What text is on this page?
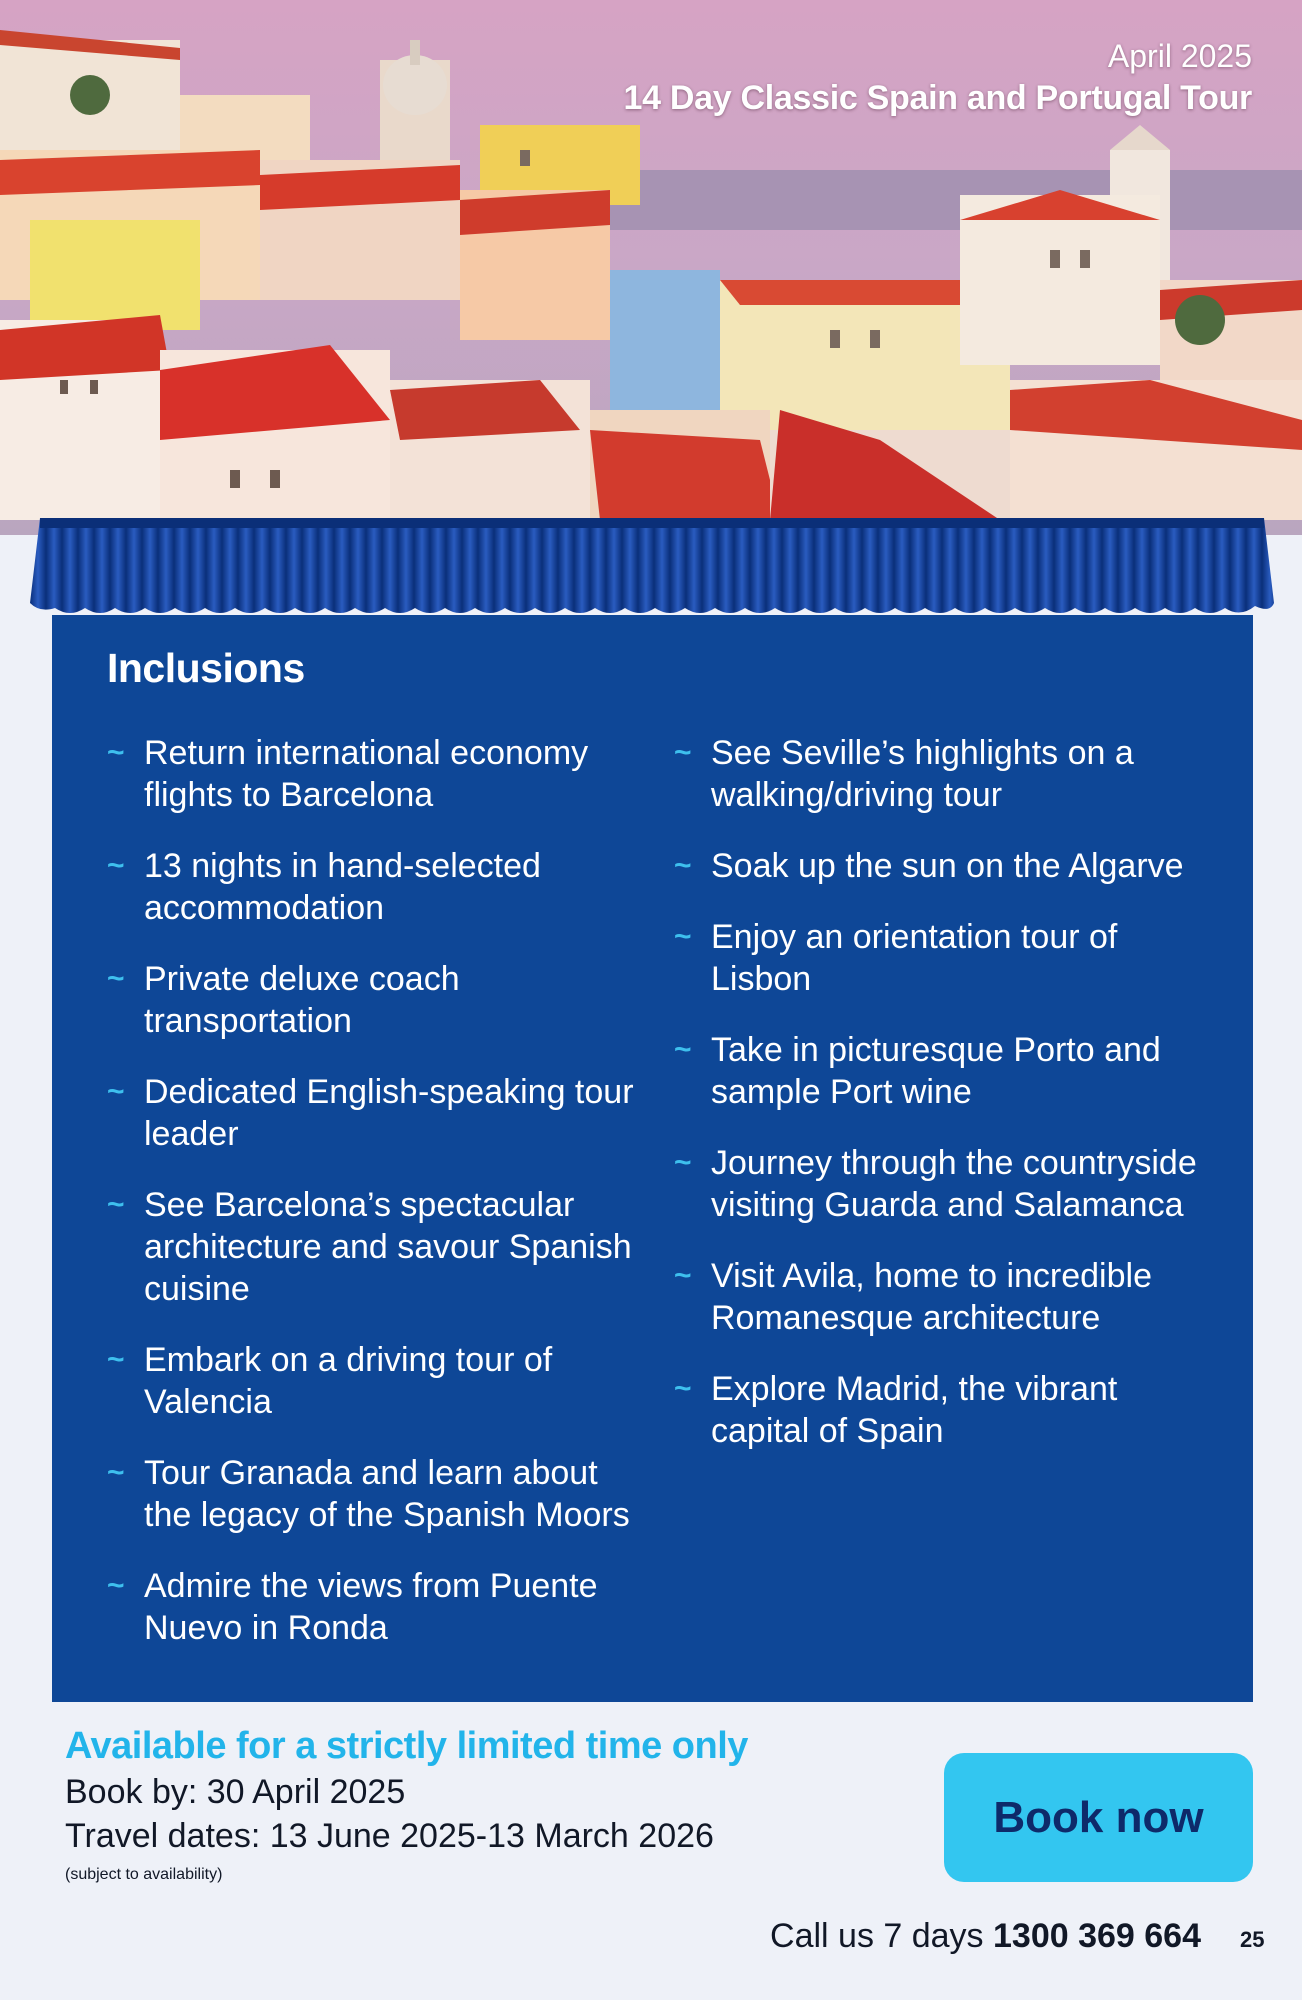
April 2025
14 Day Classic Spain and Portugal Tour
Inclusions
~ Return international economy flights to Barcelona
~ 13 nights in hand-selected accommodation
~ Private deluxe coach transportation
~ Dedicated English-speaking tour leader
~ See Barcelona’s spectacular architecture and savour Spanish cuisine
~ Embark on a driving tour of Valencia
~ Tour Granada and learn about the legacy of the Spanish Moors
~ Admire the views from Puente Nuevo in Ronda
~ See Seville’s highlights on a walking/driving tour
~ Soak up the sun on the Algarve
~ Enjoy an orientation tour of Lisbon
~ Take in picturesque Porto and sample Port wine
~ Journey through the countryside visiting Guarda and Salamanca
~ Visit Avila, home to incredible Romanesque architecture
~ Explore Madrid, the vibrant capital of Spain
Available for a strictly limited time only
Book by: 30 April 2025
Travel dates: 13 June 2025-13 March 2026
(subject to availability)
Book now
Call us 7 days 1300 369 664 25
